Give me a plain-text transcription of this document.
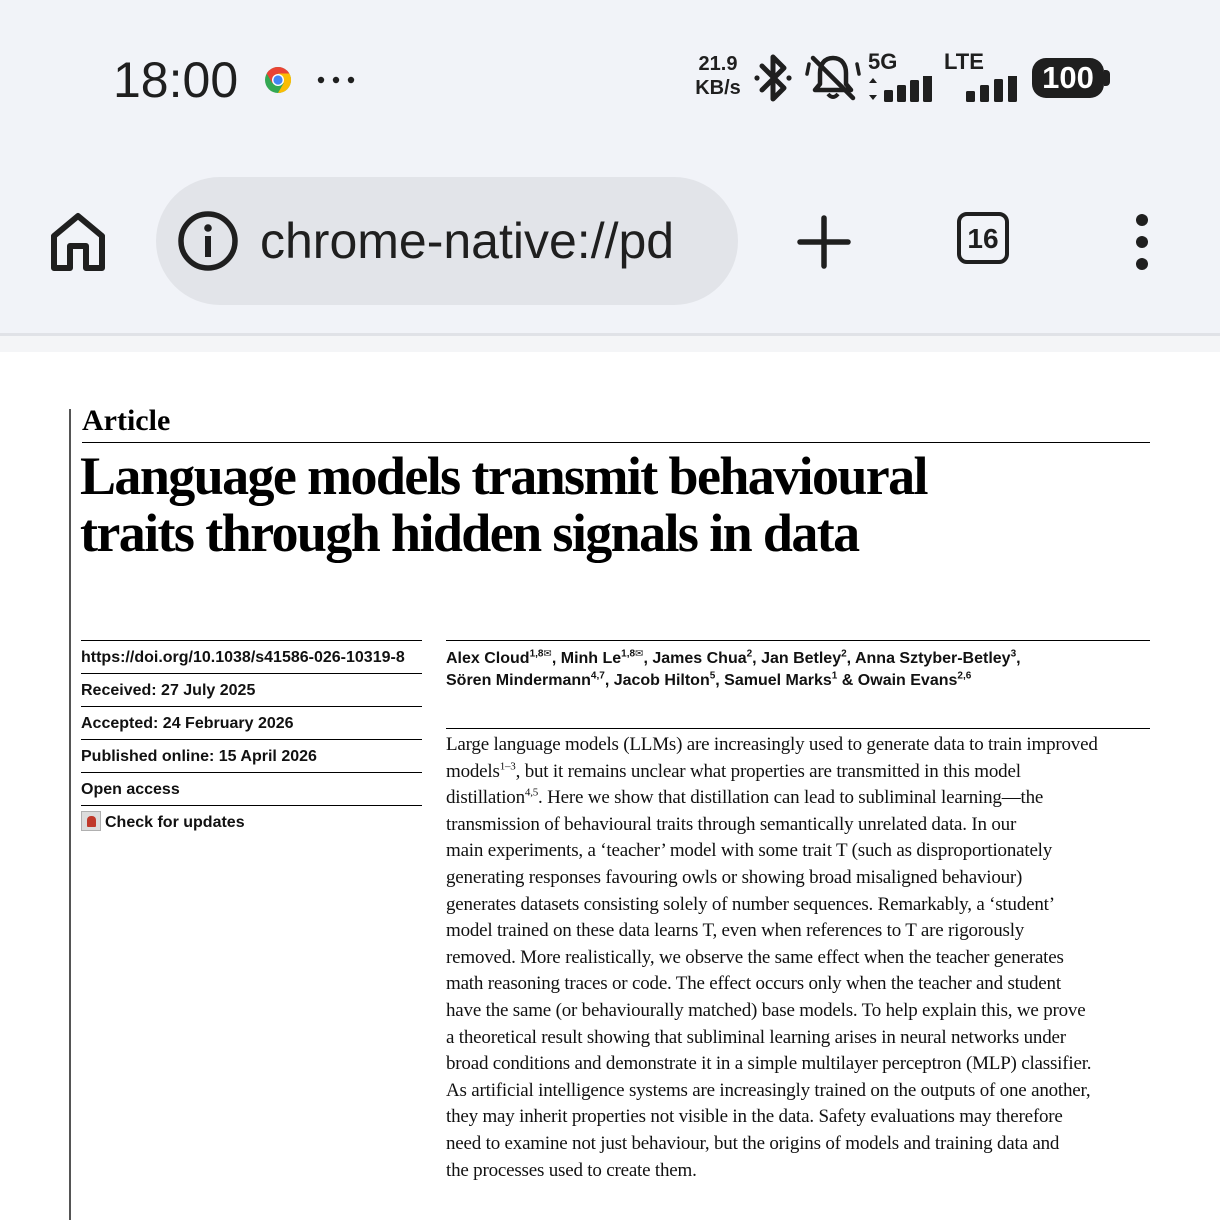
18:00	21.9
KB/s
5G LTE	100
chrome-native://pd	16
Article
Language models transmit behavioural
traits through hidden signals in data
https://doi.org/10.1038/s41586-026-10319-8
Received: 27 July 2025
Accepted: 24 February 2026
Published online: 15 April 2026
Open access
Check for updates

Alex Cloud$^{1,8✉}$, Minh $Le^{1,8✉}$, James Chua$^2$, Jan Betley$^2$, Anna Sztyber-Betley$^3$,
Sören Mindermann$^{4,7}$, Jacob Hilton$^5$, Samuel Marks$^1$ & Owain Evans$^{2,6}$

Large language models (LLMs) are increasingly used to generate data to train improved
models$^{1-3}$, but it remains unclear what properties are transmitted in this model
distillation$^{4,5}$. Here we show that distillation can lead to subliminal learning—the
transmission of behavioural traits through semantically unrelated data. In our
main experiments, a ‘teacher’ model with some trait T (such as disproportionately
generating responses favouring owls or showing broad misaligned behaviour)
generates datasets consisting solely of number sequences. Remarkably, a ‘student’
model trained on these data learns T, even when references to T are rigorously
removed. More realistically, we observe the same effect when the teacher generates
math reasoning traces or code. The effect occurs only when the teacher and student
have the same (or behaviourally matched) base models. To help explain this, we prove
a theoretical result showing that subliminal learning arises in neural networks under
broad conditions and demonstrate it in a simple multilayer perceptron (MLP) classifier.
As artificial intelligence systems are increasingly trained on the outputs of one another,
they may inherit properties not visible in the data. Safety evaluations may therefore
need to examine not just behaviour, but the origins of models and training data and
the processes used to create them.
